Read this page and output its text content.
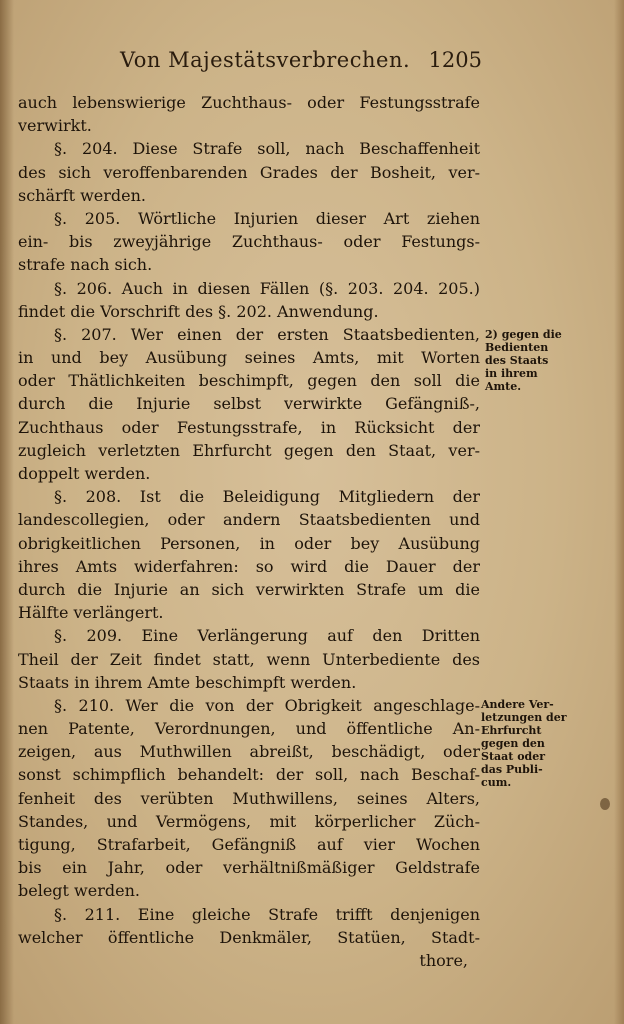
Von Majestätsverbrechen. 1205
auch lebenswierige Zuchthaus- oder Festungsstrafe
verwirkt.
§. 204. Diese Strafe soll, nach Beschaffenheit
des sich veroffenbarenden Grades der Bosheit, ver-
schärft werden.
§. 205. Wörtliche Injurien dieser Art ziehen
ein- bis zweyjährige Zuchthaus- oder Festungs-
strafe nach sich.
§. 206. Auch in diesen Fällen (§. 203. 204. 205.)
findet die Vorschrift des §. 202. Anwendung.
§. 207. Wer einen der ersten Staatsbedienten,
in und bey Ausübung seines Amts, mit Worten
oder Thätlichkeiten beschimpft, gegen den soll die
durch die Injurie selbst verwirkte Gefängniß-,
Zuchthaus oder Festungsstrafe, in Rücksicht der
zugleich verletzten Ehrfurcht gegen den Staat, ver-
doppelt werden.
§. 208. Ist die Beleidigung Mitgliedern der
landescollegien, oder andern Staatsbedienten und
obrigkeitlichen Personen, in oder bey Ausübung
ihres Amts widerfahren: so wird die Dauer der
durch die Injurie an sich verwirkten Strafe um die
Hälfte verlängert.
§. 209. Eine Verlängerung auf den Dritten
Theil der Zeit findet statt, wenn Unterbediente des
Staats in ihrem Amte beschimpft werden.
§. 210. Wer die von der Obrigkeit angeschlage-
nen Patente, Verordnungen, und öffentliche An-
zeigen, aus Muthwillen abreißt, beschädigt, oder
sonst schimpflich behandelt: der soll, nach Beschaf-
fenheit des verübten Muthwillens, seines Alters,
Standes, und Vermögens, mit körperlicher Züch-
tigung, Strafarbeit, Gefängniß auf vier Wochen
bis ein Jahr, oder verhältnißmäßiger Geldstrafe
belegt werden.
§. 211. Eine gleiche Strafe trifft denjenigen
welcher öffentliche Denkmäler, Statüen, Stadt-
thore,
2) gegen die
Bedienten
des Staats
in ihrem
Amte.
Andere Ver-
letzungen der
Ehrfurcht
gegen den
Staat oder
das Publi-
cum.
